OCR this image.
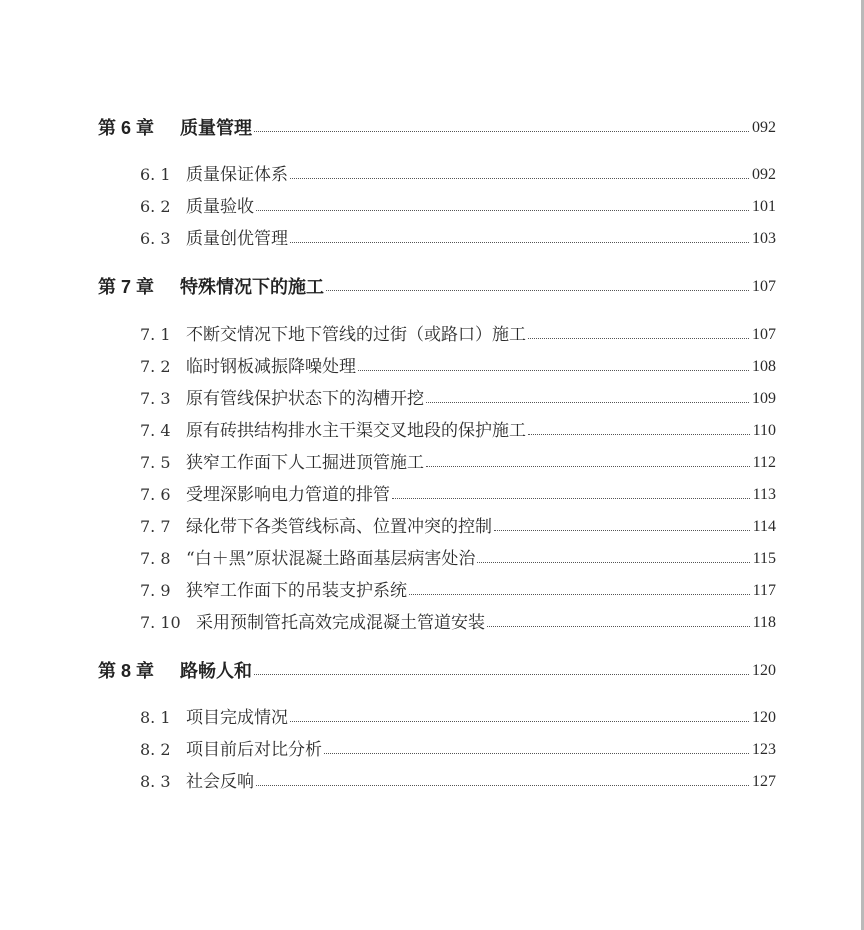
第 6 章 质量管理	092
6. 1 质量保证体系	092
6. 2 质量验收	101
6. 3 质量创优管理	103
第 7 章 特殊情况下的施工	107
7. 1 不断交情况下地下管线的过街（或路口）施工	107
7. 2 临时钢板减振降噪处理	108
7. 3 原有管线保护状态下的沟槽开挖	109
7. 4 原有砖拱结构排水主干渠交叉地段的保护施工	110
7. 5 狭窄工作面下人工掘进顶管施工	112
7. 6 受埋深影响电力管道的排管	113
7. 7 绿化带下各类管线标高、位置冲突的控制	114
7. 8 “白＋黑”原状混凝土路面基层病害处治	115
7. 9 狭窄工作面下的吊装支护系统	117
7. 10 采用预制管托高效完成混凝土管道安装	118
第 8 章 路畅人和	120
8. 1 项目完成情况	120
8. 2 项目前后对比分析	123
8. 3 社会反响	127
